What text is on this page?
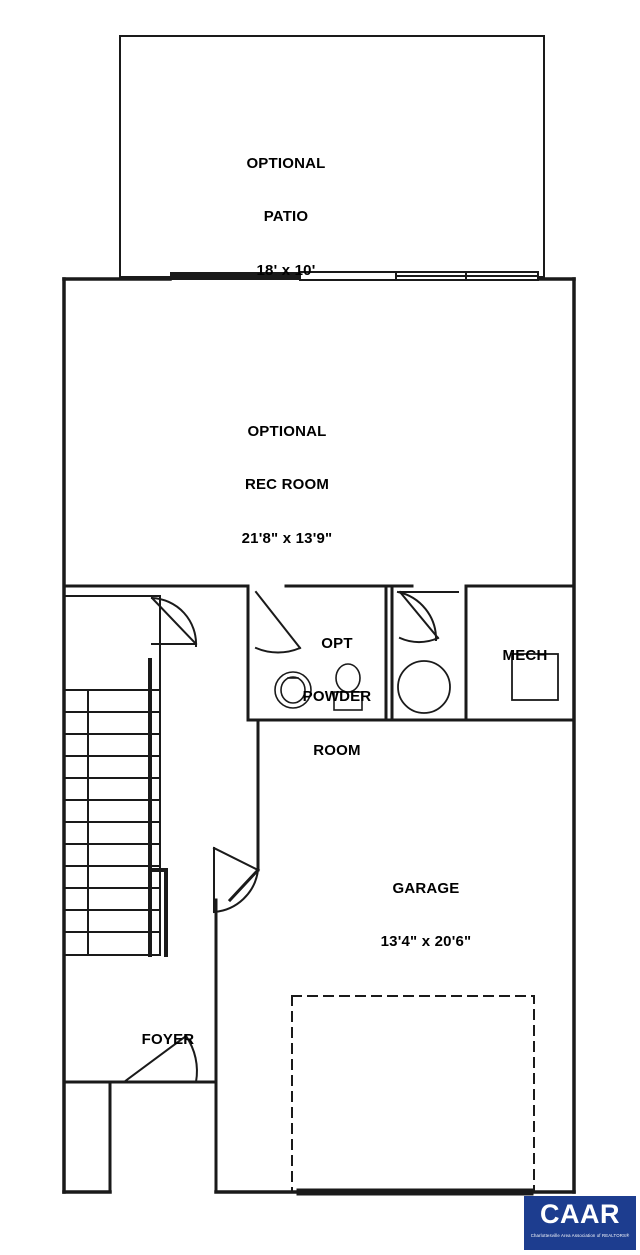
OPTIONAL

PATIO

18' x 10'

OPTIONAL

REC ROOM

21'8" x 13'9"

OPT

POWDER

ROOM

MECH

GARAGE

13'4" x 20'6"

FOYER

CAAR
Charlottesville Area Association of REALTORS®
